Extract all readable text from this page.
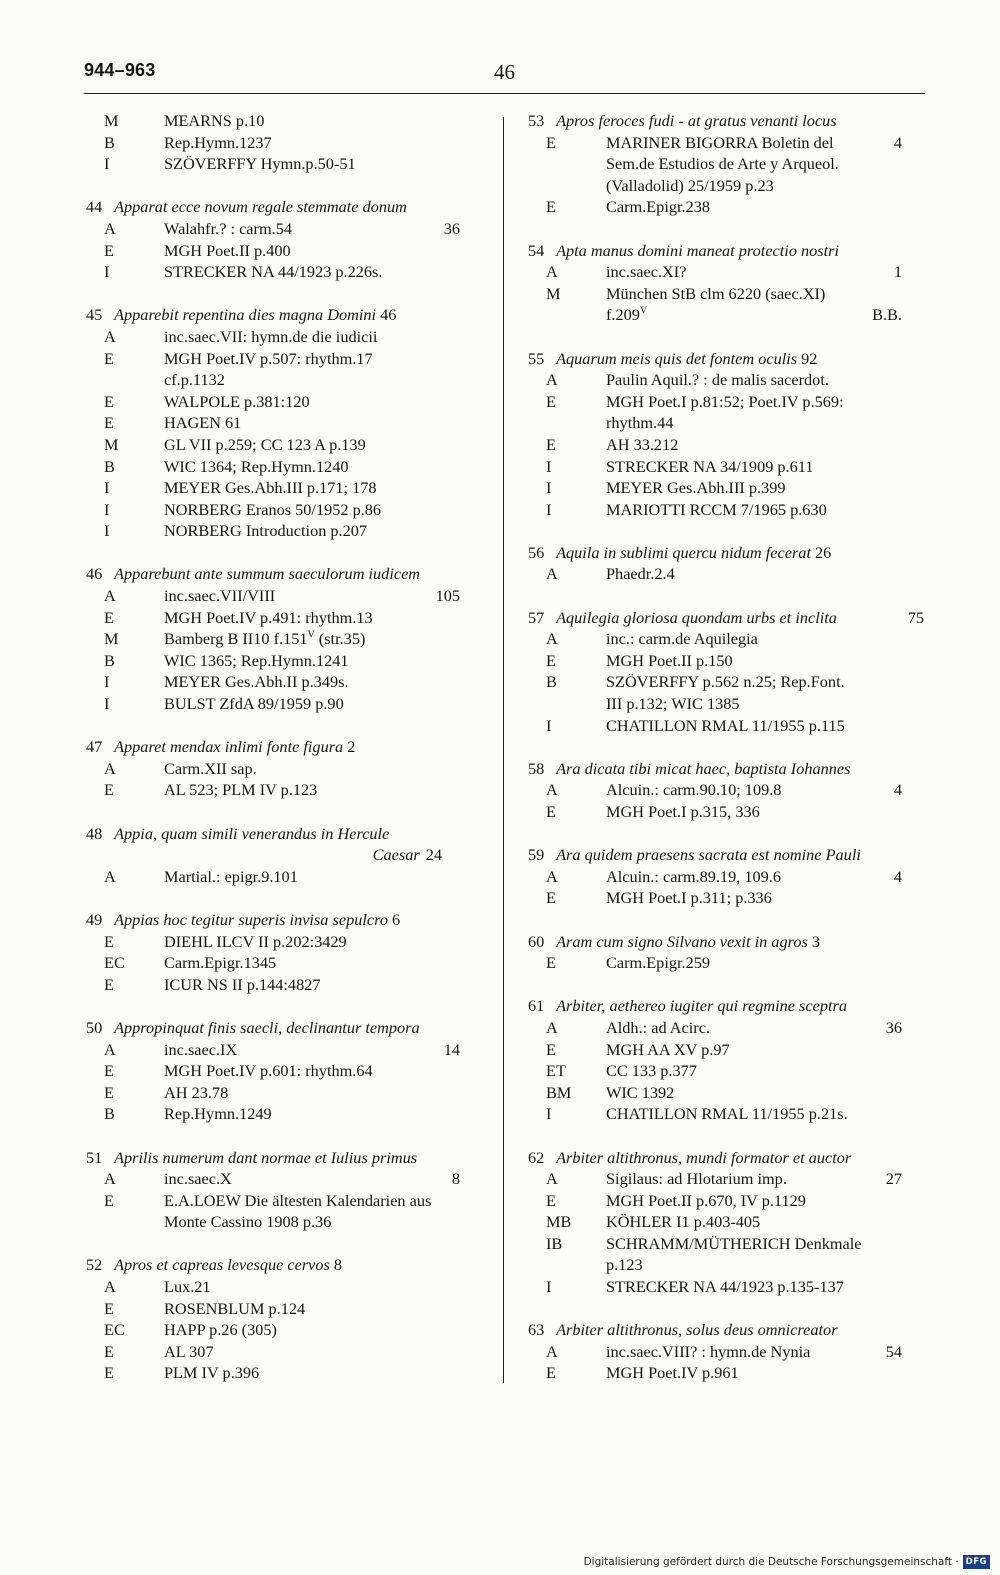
944–963	46
M	MEARNS p.10
B	Rep.Hymn.1237
I	SZÖVERFFY Hymn.p.50-51
44 Apparat ecce novum regale stemmate donum
A	Walahfr.? : carm.54	36
E	MGH Poet.II p.400
I	STRECKER NA 44/1923 p.226s.
45 Apparebit repentina dies magna Domini 46
A	inc.saec.VII: hymn.de die iudicii
E	MGH Poet.IV p.507: rhythm.17
cf.p.1132
E	WALPOLE p.381:120
E	HAGEN 61
M	GL VII p.259; CC 123 A p.139
B	WIC 1364; Rep.Hymn.1240
I	MEYER Ges.Abh.III p.171; 178
I	NORBERG Eranos 50/1952 p.86
I	NORBERG Introduction p.207
46 Apparebunt ante summum saeculorum iudicem
A	inc.saec.VII/VIII	105
E	MGH Poet.IV p.491: rhythm.13
M	Bamberg B II10 $f.151^V$ (str.35)
B	WIC 1365; Rep.Hymn.1241
I	MEYER Ges.Abh.II p.349s.
I	BULST ZfdA 89/1959 p.90
47 Apparet mendax inlimi fonte figura 2
A	Carm.XII sap.
E	AL 523; PLM IV p.123
48 Appia, quam simili venerandus in Hercule
Caesar 24
A	Martial.: epigr.9.101
49 Appias hoc tegitur superis invisa sepulcro 6
E	DIEHL ILCV II p.202:3429
EC Carm.Epigr.1345
E	ICUR NS II p.144:4827
50 Appropinquat finis saecli, declinantur tempora
A	inc.saec.IX	14
E	MGH Poet.IV p.601: rhythm.64
E	AH 23.78
B	Rep.Hymn.1249
51 Aprilis numerum dant normae et Iulius primus
A	inc.saec.X	8
E	E.A.LOEW Die ältesten Kalendarien aus
Monte Cassino 1908 p.36
52 Apros et capreas levesque cervos 8
A	Lux.21
E	ROSENBLUM p.124
EC HAPP p.26 (305)
E	AL 307
E	PLM IV p.396
53 Apros feroces fudi - at gratus venanti locus
E	MARINER BIGORRA Boletin del	4
Sem.de Estudios de Arte y Arqueol.
(Valladolid) 25/1959 p.23
E	Carm.Epigr.238
54 Apta manus domini maneat protectio nostri
A	inc.saec.XI?	1
M	München StB clm 6220 (saec.XI)
$f.209^V$	B.B.
55 Aquarum meis quis det fontem oculis 92
A	Paulin Aquil.? : de malis sacerdot.
E	MGH Poet.I p.81:52; Poet.IV p.569:
rhythm.44
E	AH 33.212
I	STRECKER NA 34/1909 p.611
I	MEYER Ges.Abh.III p.399
I	MARIOTTI RCCM 7/1965 p.630
56 Aquila in sublimi quercu nidum fecerat 26
A	Phaedr.2.4
57 Aquilegia gloriosa quondam urbs et inclita	75
A	inc.: carm.de Aquilegia
E	MGH Poet.II p.150
B	SZÖVERFFY p.562 n.25; Rep.Font.
III p.132; WIC 1385
I	CHATILLON RMAL 11/1955 p.115
58 Ara dicata tibi micat haec, baptista Iohannes
A	Alcuin.: carm.90.10; 109.8	4
E	MGH Poet.I p.315, 336
59 Ara quidem praesens sacrata est nomine Pauli
A	Alcuin.: carm.89.19, 109.6	4
E	MGH Poet.I p.311; p.336
60 Aram cum signo Silvano vexit in agros 3
E	Carm.Epigr.259
61 Arbiter, aethereo iugiter qui regmine sceptra
A	Aldh.: ad Acirc.	36
E	MGH AA XV p.97
ET CC 133 p.377
BM WIC 1392
I	CHATILLON RMAL 11/1955 p.21s.
62 Arbiter altithronus, mundi formator et auctor
A	Sigilaus: ad Hlotarium imp.	27
E	MGH Poet.II p.670, IV p.1129
MB KÖHLER I1 p.403-405
IB	SCHRAMM/MÜTHERICH Denkmale
p.123
I	STRECKER NA 44/1923 p.135-137
63 Arbiter altithronus, solus deus omnicreator
A	inc.saec.VIII? : hymn.de Nynia	54
E	MGH Poet.IV p.961
Digitalisierung gefördert durch die Deutsche Forschungsgemeinschaft · DFG
